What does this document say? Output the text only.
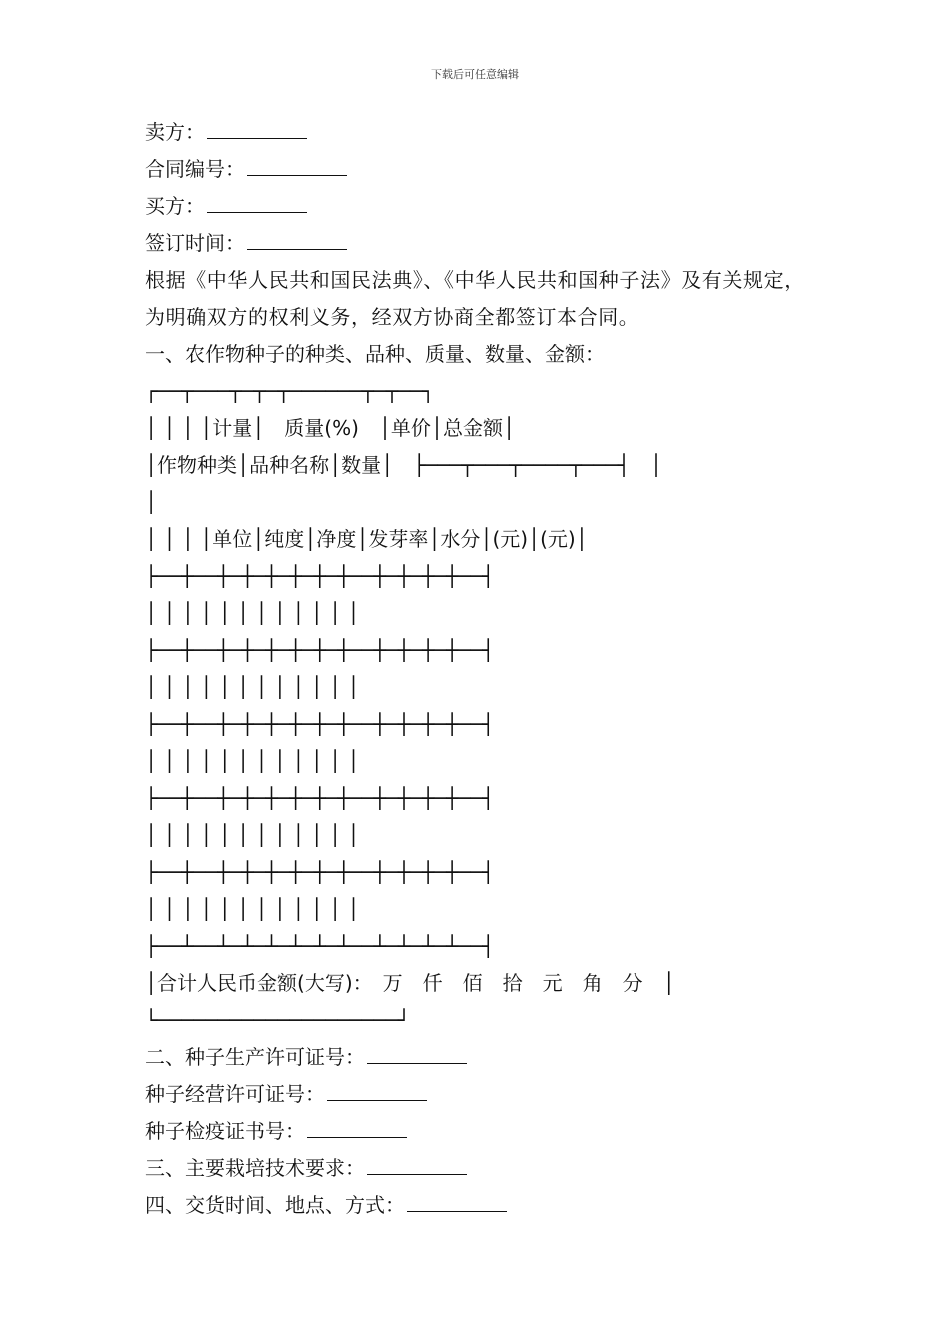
下载后可任意编辑
卖方：
合同编号：
买方：
签订时间：
根据《中华人民共和国民法典》、《中华人民共和国种子法》及有关规定，为明确双方的权利义务，经双方协商全都签订本合同。
一、农作物种子的种类、品种、质量、数量、金额：
┌──┬───┬─┬─┬──────┬─┬──┐
│ │ │ │计量│　质量(%)　│单价│总金额│
│作物种类│品种名称│数量│　├───┬───┬────┬───┤　│
│
│ │ │ │单位│纯度│净度│发芽率│水分│(元)│(元)│
├──┼──┼─┼─┼─┼─┼─┼──┼─┼─┼─┼──┤
│ │ │ │ │ │ │ │ │ │ │ │
├──┼──┼─┼─┼─┼─┼─┼──┼─┼─┼─┼──┤
│ │ │ │ │ │ │ │ │ │ │ │
├──┼──┼─┼─┼─┼─┼─┼──┼─┼─┼─┼──┤
│ │ │ │ │ │ │ │ │ │ │ │
├──┼──┼─┼─┼─┼─┼─┼──┼─┼─┼─┼──┤
│ │ │ │ │ │ │ │ │ │ │ │
├──┼──┼─┼─┼─┼─┼─┼──┼─┼─┼─┼──┤
│ │ │ │ │ │ │ │ │ │ │ │
├──┴──┴─┴─┴─┴─┴─┴──┴─┴─┴─┴──┤
│合计人民币金额(大写)：　万　仟　佰　拾　元　角　分　│
└────────────────────┘
二、种子生产许可证号：
种子经营许可证号：
种子检疫证书号：
三、主要栽培技术要求：
四、交货时间、地点、方式：
